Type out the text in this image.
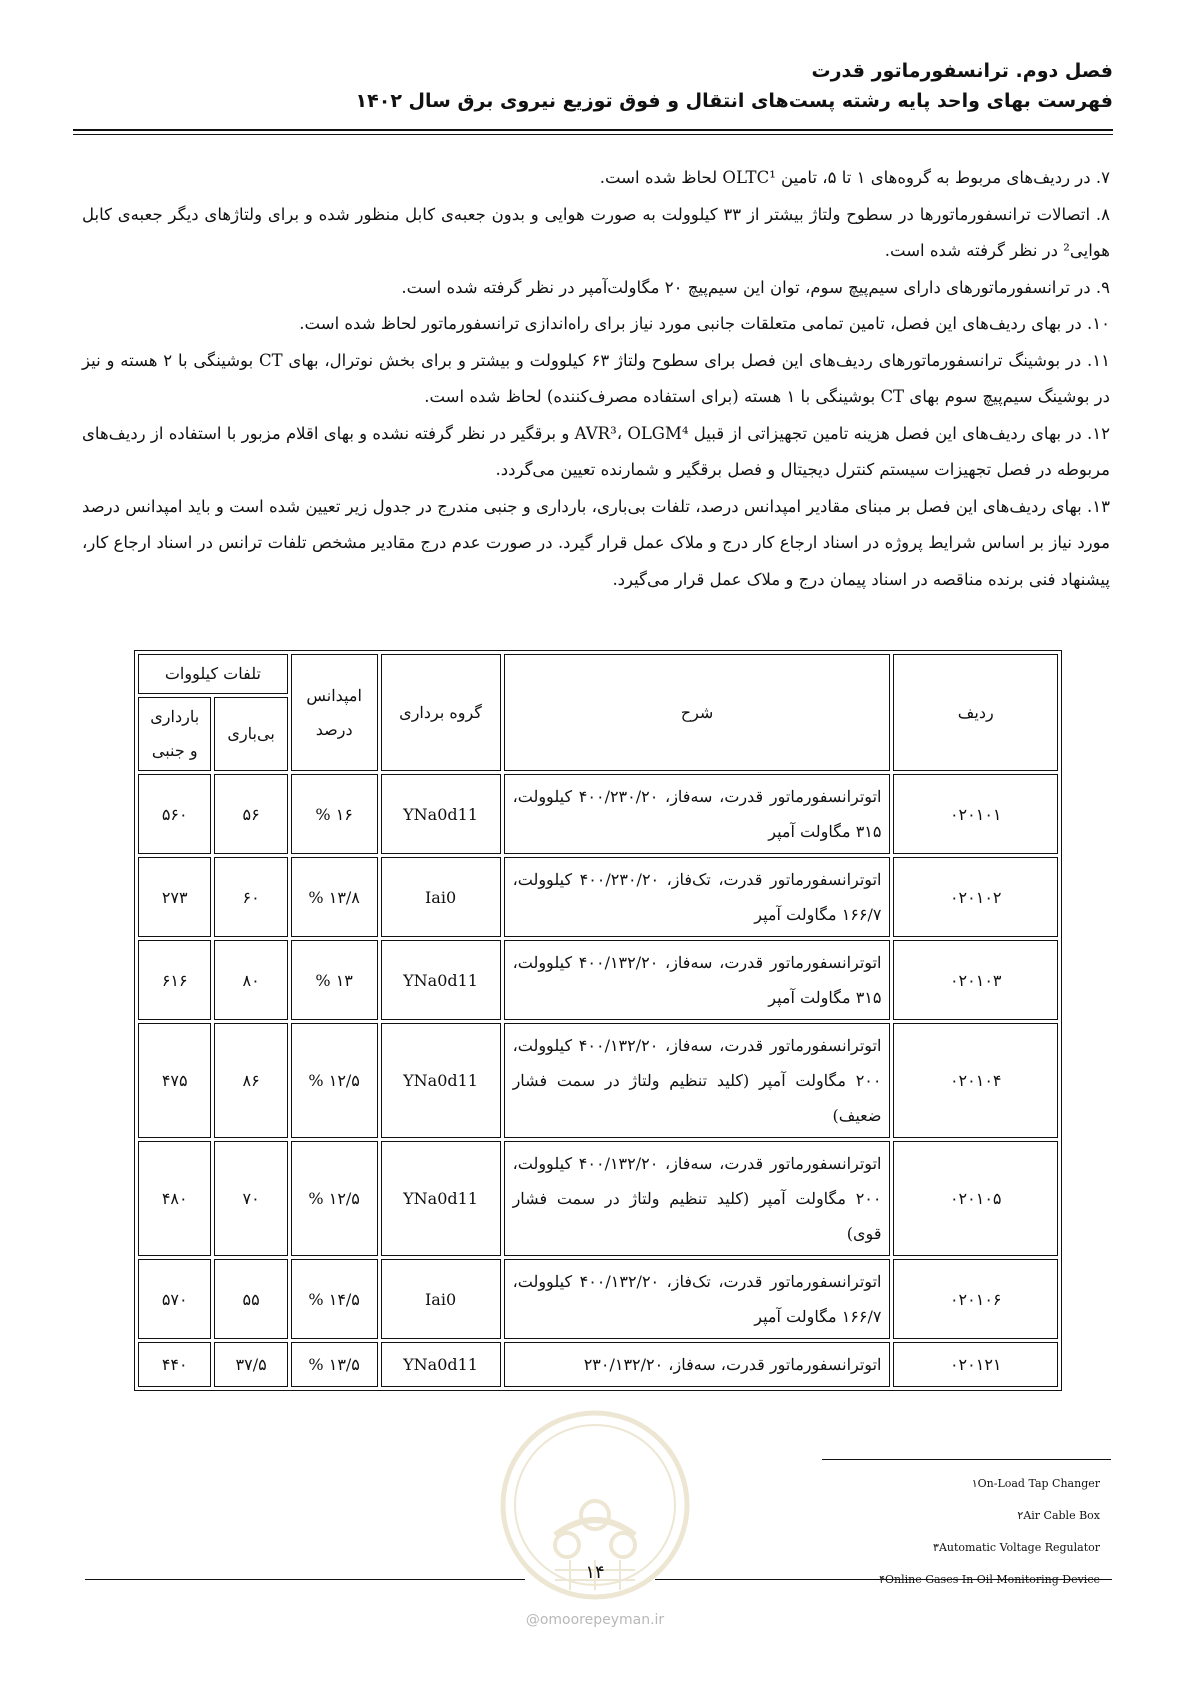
فصل دوم. ترانسفورماتور قدرت
فهرست بهای واحد پایه رشته پست‌های انتقال و فوق توزیع نیروی برق سال ۱۴۰۲

۷. در ردیف‌های مربوط به گروه‌های ۱ تا ۵، تامین OLTC¹ لحاظ شده است.

۸. اتصالات ترانسفورماتورها در سطوح ولتاژ بیشتر از ۳۳ کیلوولت به صورت هوایی و بدون جعبه‌ی کابل منظور شده و برای ولتاژهای دیگر جعبه‌ی کابل هوایی² در نظر گرفته شده است.

۹. در ترانسفورماتورهای دارای سیم‌پیچ سوم، توان این سیم‌پیچ ۲۰ مگاولت‌آمپر در نظر گرفته شده است.

۱۰. در بهای ردیف‌های این فصل، تامین تمامی متعلقات جانبی مورد نیاز برای راه‌اندازی ترانسفورماتور لحاظ شده است.

۱۱. در بوشینگ ترانسفورماتورهای ردیف‌های این فصل برای سطوح ولتاژ ۶۳ کیلوولت و بیشتر و برای بخش نوترال، بهای CT بوشینگی با ۲ هسته و نیز در بوشینگ سیم‌پیچ سوم بهای CT بوشینگی با ۱ هسته (برای استفاده مصرف‌کننده) لحاظ شده است.

۱۲. در بهای ردیف‌های این فصل هزینه تامین تجهیزاتی از قبیل AVR³، OLGM⁴ و برقگیر در نظر گرفته نشده و بهای اقلام مزبور با استفاده از ردیف‌های مربوطه در فصل تجهیزات سیستم کنترل دیجیتال و فصل برقگیر و شمارنده تعیین می‌گردد.

۱۳. بهای ردیف‌های این فصل بر مبنای مقادیر امپدانس درصد، تلفات بی‌باری، بارداری و جنبی مندرج در جدول زیر تعیین شده است و باید امپدانس درصد مورد نیاز بر اساس شرایط پروژه در اسناد ارجاع کار درج و ملاک عمل قرار گیرد. در صورت عدم درج مقادیر مشخص تلفات ترانس در اسناد ارجاع کار، پیشنهاد فنی برنده مناقصه در اسناد پیمان درج و ملاک عمل قرار می‌گیرد.

ردیف	شرح	گروه برداری	امپدانس درصد	تلفات کیلووات	
				بی‌باری	بارداری و جنبی
۰۲۰۱۰۱	اتوترانسفورماتور قدرت، سه‌فاز، ۴۰۰/۲۳۰/۲۰ کیلوولت، ۳۱۵ مگاولت آمپر	YNa0d11	۱۶ %	۵۶	۵۶۰
۰۲۰۱۰۲	اتوترانسفورماتور قدرت، تک‌فاز، ۴۰۰/۲۳۰/۲۰ کیلوولت، ۱۶۶/۷ مگاولت آمپر	Iai0	۱۳/۸ %	۶۰	۲۷۳
۰۲۰۱۰۳	اتوترانسفورماتور قدرت، سه‌فاز، ۴۰۰/۱۳۲/۲۰ کیلوولت، ۳۱۵ مگاولت آمپر	YNa0d11	۱۳ %	۸۰	۶۱۶
۰۲۰۱۰۴	اتوترانسفورماتور قدرت، سه‌فاز، ۴۰۰/۱۳۲/۲۰ کیلوولت، ۲۰۰ مگاولت آمپر (کلید تنظیم ولتاژ در سمت فشار ضعیف)	YNa0d11	۱۲/۵ %	۸۶	۴۷۵
۰۲۰۱۰۵	اتوترانسفورماتور قدرت، سه‌فاز، ۴۰۰/۱۳۲/۲۰ کیلوولت، ۲۰۰ مگاولت آمپر (کلید تنظیم ولتاژ در سمت فشار قوی)	YNa0d11	۱۲/۵ %	۷۰	۴۸۰
۰۲۰۱۰۶	اتوترانسفورماتور قدرت، تک‌فاز، ۴۰۰/۱۳۲/۲۰ کیلوولت، ۱۶۶/۷ مگاولت آمپر	Iai0	۱۴/۵ %	۵۵	۵۷۰
۰۲۰۱۲۱	اتوترانسفورماتور قدرت، سه‌فاز، ۲۳۰/۱۳۲/۲۰	YNa0d11	۱۳/۵ %	۳۷/۵	۴۴۰
۱On-Load Tap Changer
۲Air Cable Box
۳Automatic Voltage Regulator
۴Online Gases In Oil Monitoring Device
@omoorepeyman.ir
۱۴
